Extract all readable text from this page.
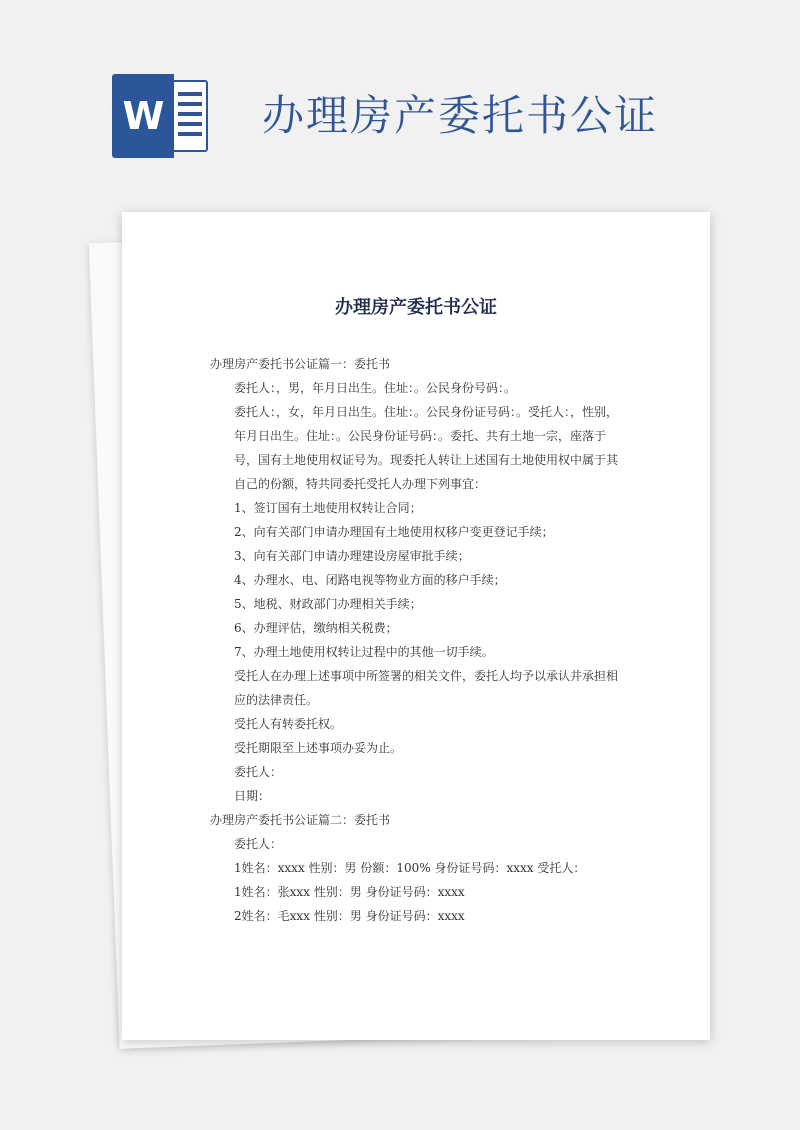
W 办理房产委托书公证
办理房产委托书公证

办理房产委托书公证篇一：委托书

委托人：，男，年月日出生。住址：。公民身份号码：。

委托人：，女，年月日出生。住址：。公民身份证号码：。受托人：，性别，年月日出生。住址：。公民身份证号码：。委托、共有土地一宗，座落于号，国有土地使用权证号为。现委托人转让上述国有土地使用权中属于其自己的份额，特共同委托受托人办理下列事宜：

1、签订国有土地使用权转让合同；

2、向有关部门申请办理国有土地使用权移户变更登记手续；

3、向有关部门申请办理建设房屋审批手续；

4、办理水、电、闭路电视等物业方面的移户手续；

5、地税、财政部门办理相关手续；

6、办理评估，缴纳相关税费；

7、办理土地使用权转让过程中的其他一切手续。

受托人在办理上述事项中所签署的相关文件，委托人均予以承认并承担相应的法律责任。

受托人有转委托权。

受托期限至上述事项办妥为止。

委托人：

日期：

办理房产委托书公证篇二：委托书

委托人：

1姓名：xxxx 性别：男 份额：100% 身份证号码：xxxx 受托人：

1姓名：张xxx 性别：男 身份证号码：xxxx

2姓名：毛xxx 性别：男 身份证号码：xxxx
